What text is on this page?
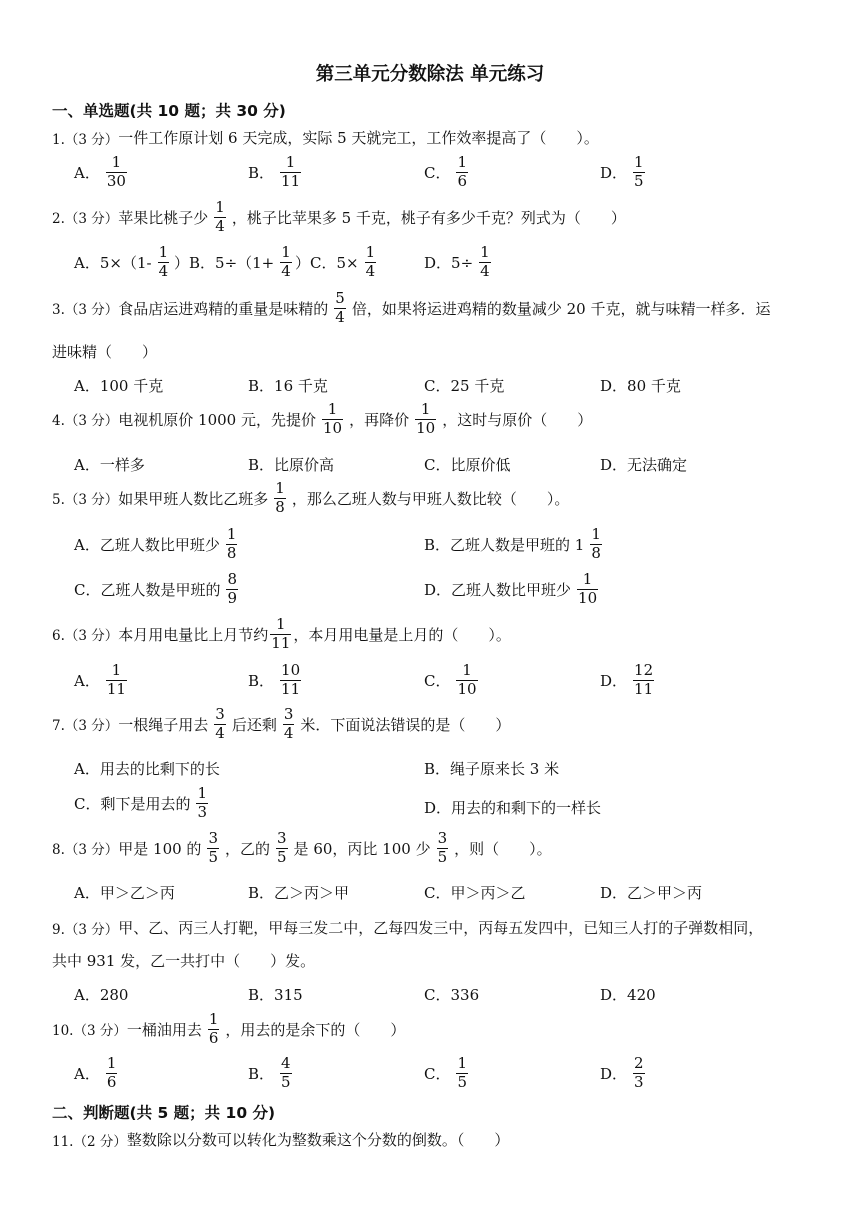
第三单元分数除法 单元练习
一、单选题(共 10 题；共 30 分)
1.（3 分） 一件工作原计划 6 天完成，实际 5 天就完工，工作效率提高了（　　）。
A． $\frac{1}{30}$	B． $\frac{1}{11}$	C． $\frac{1}{6}$	D． $\frac{1}{5}$
2.（3 分） 苹果比桃子少 $\frac{1}{4}$ ，桃子比苹果多 5 千克，桃子有多少千克？列式为（　　）
A．$5\times(1- \frac{1}{4} )B$．$5\div(1+ \frac{1}{4} )C$．$5\times \frac{1}{4}$	D．$5\div \frac{1}{4}$
3.（3 分） 食品店运进鸡精的重量是味精的 $\frac{5}{4}$ 倍，如果将运进鸡精的数量减少 20 千克，就与味精一样多．运
进味精（　　）
A．100 千克	B．16 千克	C．25 千克	D．80 千克
4.（3 分） 电视机原价 1000 元，先提价 $\frac{1}{10}$ ，再降价 $\frac{1}{10}$ ，这时与原价（　　）
A．一样多	B．比原价高	C．比原价低	D．无法确定
5.（3 分） 如果甲班人数比乙班多 $\frac{1}{8}$ ，那么乙班人数与甲班人数比较（　　）。
A．乙班人数比甲班少 $\frac{1}{8}$	B．乙班人数是甲班的 $1 \frac{1}{8}$
C．乙班人数是甲班的 $\frac{8}{9}$	D．乙班人数比甲班少 $\frac{1}{10}$
6.（3 分） 本月用电量比上月节约 $\frac{1}{11}$ ，本月用电量是上月的（　　）。
A． $\frac{1}{11}$	B． $\frac{10}{11}$	C． $\frac{1}{10}$	D． $\frac{12}{11}$
7.（3 分） 一根绳子用去 $\frac{3}{4}$ 后还剩 $\frac{3}{4}$ 米．下面说法错误的是（　　）
A．用去的比剩下的长	B．绳子原来长 3 米
C．剩下是用去的 $\frac{1}{3}$	D．用去的和剩下的一样长
8.（3 分） 甲是 100 的 $\frac{3}{5}$ ，乙的 $\frac{3}{5}$ 是 60，丙比 100 少 $\frac{3}{5}$ ，则（　　）。
A．甲＞乙＞丙	B．乙＞丙＞甲	C．甲＞丙＞乙	D．乙＞甲＞丙
9.（3 分） 甲、乙、丙三人打靶，甲每三发二中，乙每四发三中，丙每五发四中，已知三人打的子弹数相同，
共中 931 发，乙一共打中（　　）发。
A．280	B．315	C．336	D．420
10.（3 分） 一桶油用去 $\frac{1}{6}$ ，用去的是余下的（　　）
A． $\frac{1}{6}$	B． $\frac{4}{5}$	C． $\frac{1}{5}$	D． $\frac{2}{3}$
二、判断题(共 5 题；共 10 分)
11.（2 分） 整数除以分数可以转化为整数乘这个分数的倒数。（　　）
